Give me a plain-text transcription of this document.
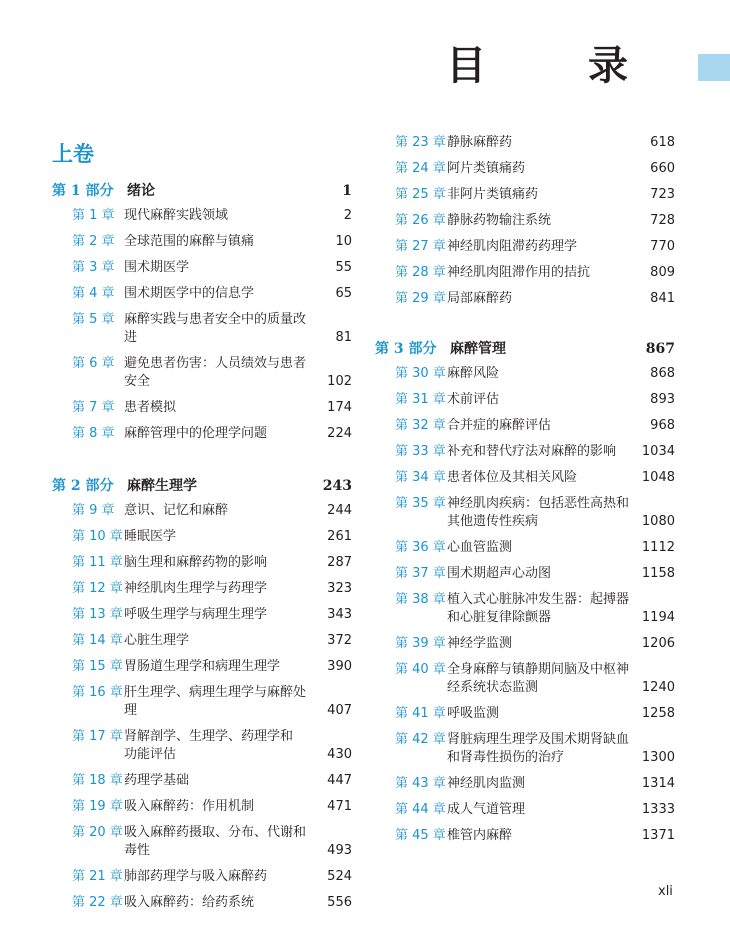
目 录
上卷
第 1 部分 绪论	1
第 1 章 现代麻醉实践领域	2
第 2 章 全球范围的麻醉与镇痛	10
第 3 章 围术期医学	55
第 4 章 围术期医学中的信息学	65
第 5 章 麻醉实践与患者安全中的质量改进	81
第 6 章 避免患者伤害：人员绩效与患者安全	102
第 7 章 患者模拟	174
第 8 章 麻醉管理中的伦理学问题	224
第 2 部分 麻醉生理学	243
第 9 章 意识、记忆和麻醉	244
第 10 章 睡眠医学	261
第 11 章 脑生理和麻醉药物的影响	287
第 12 章 神经肌肉生理学与药理学	323
第 13 章 呼吸生理学与病理生理学	343
第 14 章 心脏生理学	372
第 15 章 胃肠道生理学和病理生理学	390
第 16 章 肝生理学、病理生理学与麻醉处理	407
第 17 章 肾解剖学、生理学、药理学和
功能评估	430
第 18 章 药理学基础	447
第 19 章 吸入麻醉药：作用机制	471
第 20 章 吸入麻醉药摄取、分布、代谢和
毒性	493
第 21 章 肺部药理学与吸入麻醉药	524
第 22 章 吸入麻醉药：给药系统	556
第 23 章 静脉麻醉药	618
第 24 章 阿片类镇痛药	660
第 25 章 非阿片类镇痛药	723
第 26 章 静脉药物输注系统	728
第 27 章 神经肌肉阻滞药药理学	770
第 28 章 神经肌肉阻滞作用的拮抗	809
第 29 章 局部麻醉药	841
第 3 部分 麻醉管理	867
第 30 章 麻醉风险	868
第 31 章 术前评估	893
第 32 章 合并症的麻醉评估	968
第 33 章 补充和替代疗法对麻醉的影响	1034
第 34 章 患者体位及其相关风险	1048
第 35 章 神经肌肉疾病：包括恶性高热和
其他遗传性疾病	1080
第 36 章 心血管监测	1112
第 37 章 围术期超声心动图	1158
第 38 章 植入式心脏脉冲发生器：起搏器
和心脏复律除颤器	1194
第 39 章 神经学监测	1206
第 40 章 全身麻醉与镇静期间脑及中枢神
经系统状态监测	1240
第 41 章 呼吸监测	1258
第 42 章 肾脏病理生理学及围术期肾缺血
和肾毒性损伤的治疗	1300
第 43 章 神经肌肉监测	1314
第 44 章 成人气道管理	1333
第 45 章 椎管内麻醉	1371
xli
